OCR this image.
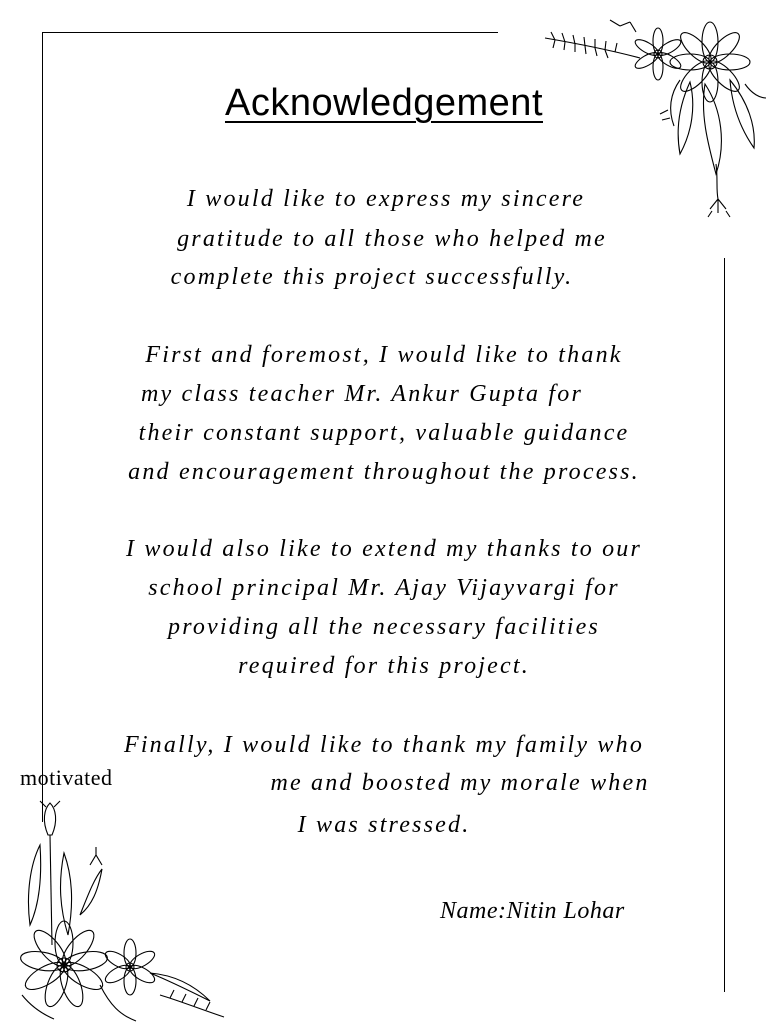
Acknowledgement
I would like to express my sincere
gratitude to all those who helped me
complete this project successfully.
First and foremost, I would like to thank
my class teacher Mr. Ankur Gupta for
their constant support, valuable guidance
and encouragement throughout the process.
I would also like to extend my thanks to our
school principal Mr. Ajay Vijayvargi for
providing all the necessary facilities
required for this project.
Finally, I would like to thank my family who
me and boosted my morale when
I was stressed.
motivated
Name:Nitin Lohar
